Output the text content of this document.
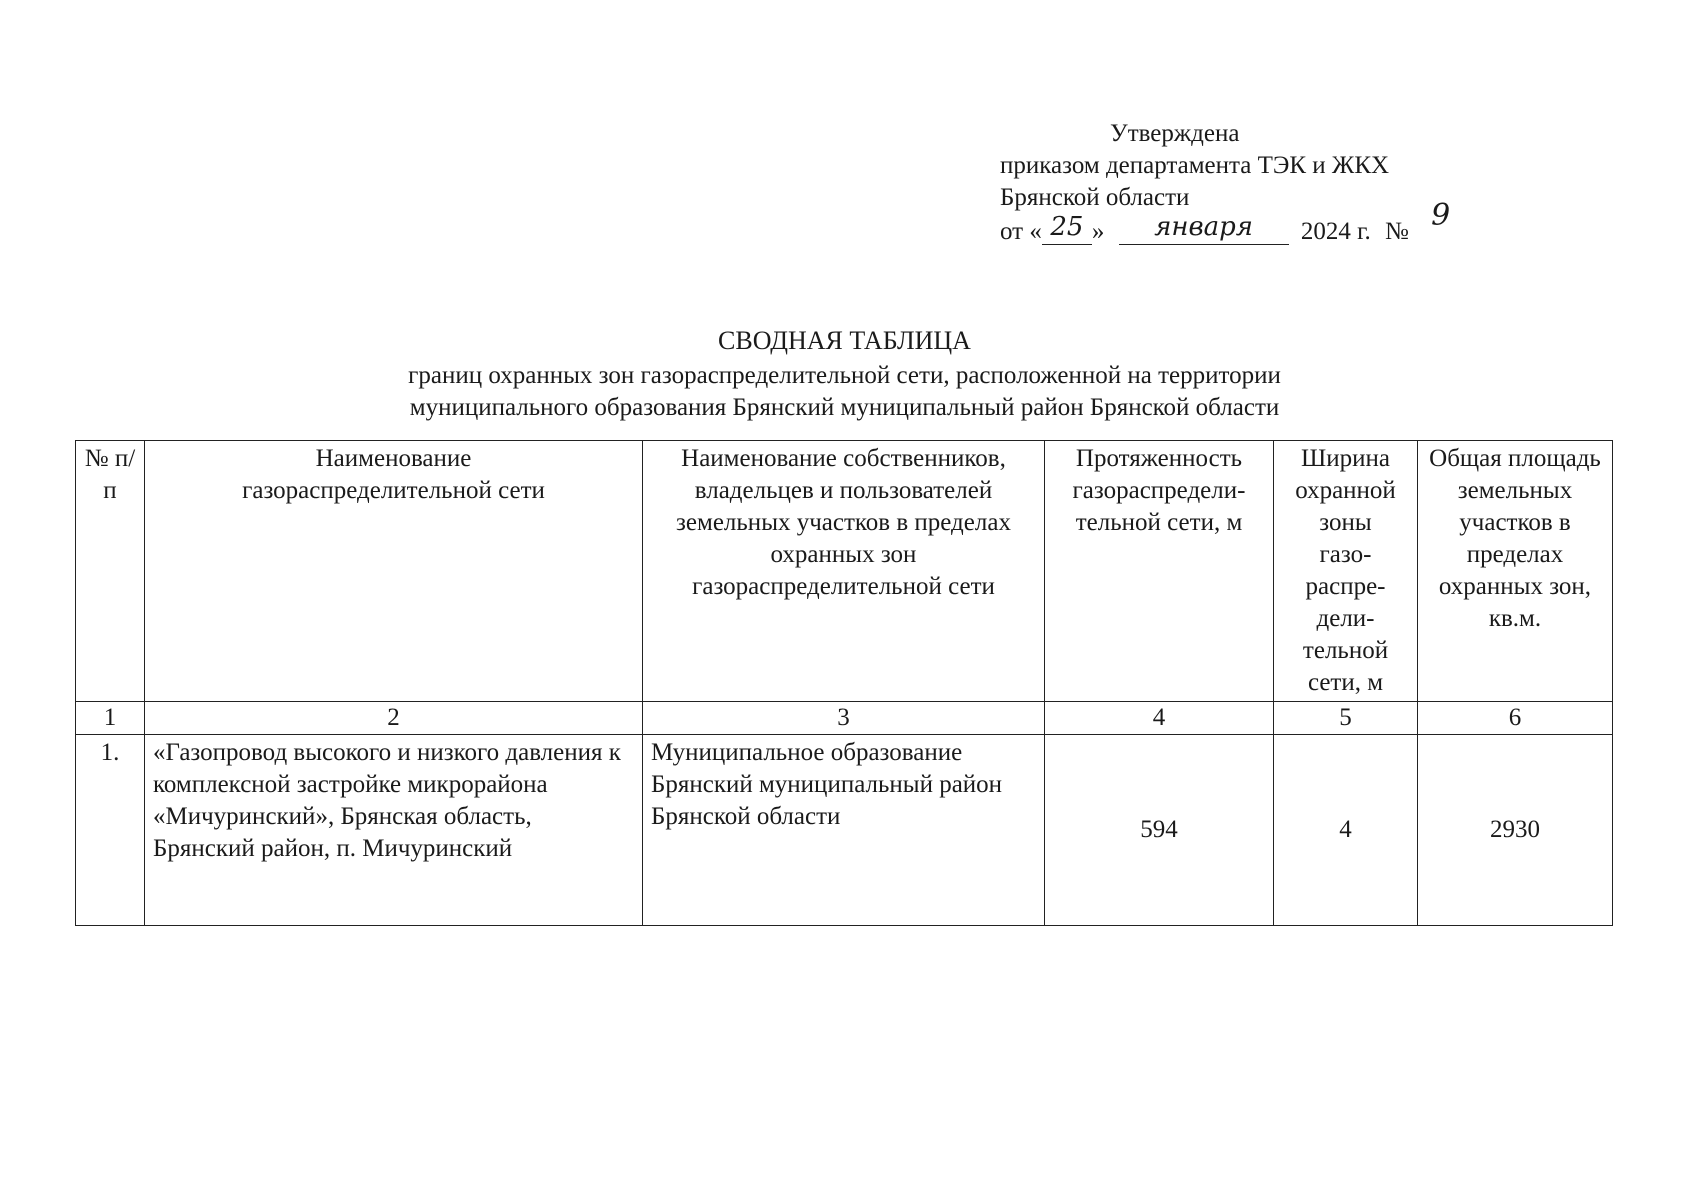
Утверждена
приказом департамента ТЭК и ЖКХ
Брянской области
от « 25 » января 2024 г. № 9
СВОДНАЯ ТАБЛИЦА
границ охранных зон газораспределительной сети, расположенной на территории
муниципального образования Брянский муниципальный район Брянской области
№ п/п	Наименование газораспределительной сети	Наименование собственников, владельцев и пользователей земельных участков в пределах охранных зон газораспределительной сети	Протяженность газораспредели-тельной сети, м	Ширина охранной зоны газо-распре-дели-тельной сети, м	Общая площадь земельных участков в пределах охранных зон, кв.м.
1	2	3	4	5	6
1.	«Газопровод высокого и низкого давления к комплексной застройке микрорайона «Мичуринский», Брянская область, Брянский район, п. Мичуринский	Муниципальное образование Брянский муниципальный район Брянской области	594	4	2930
